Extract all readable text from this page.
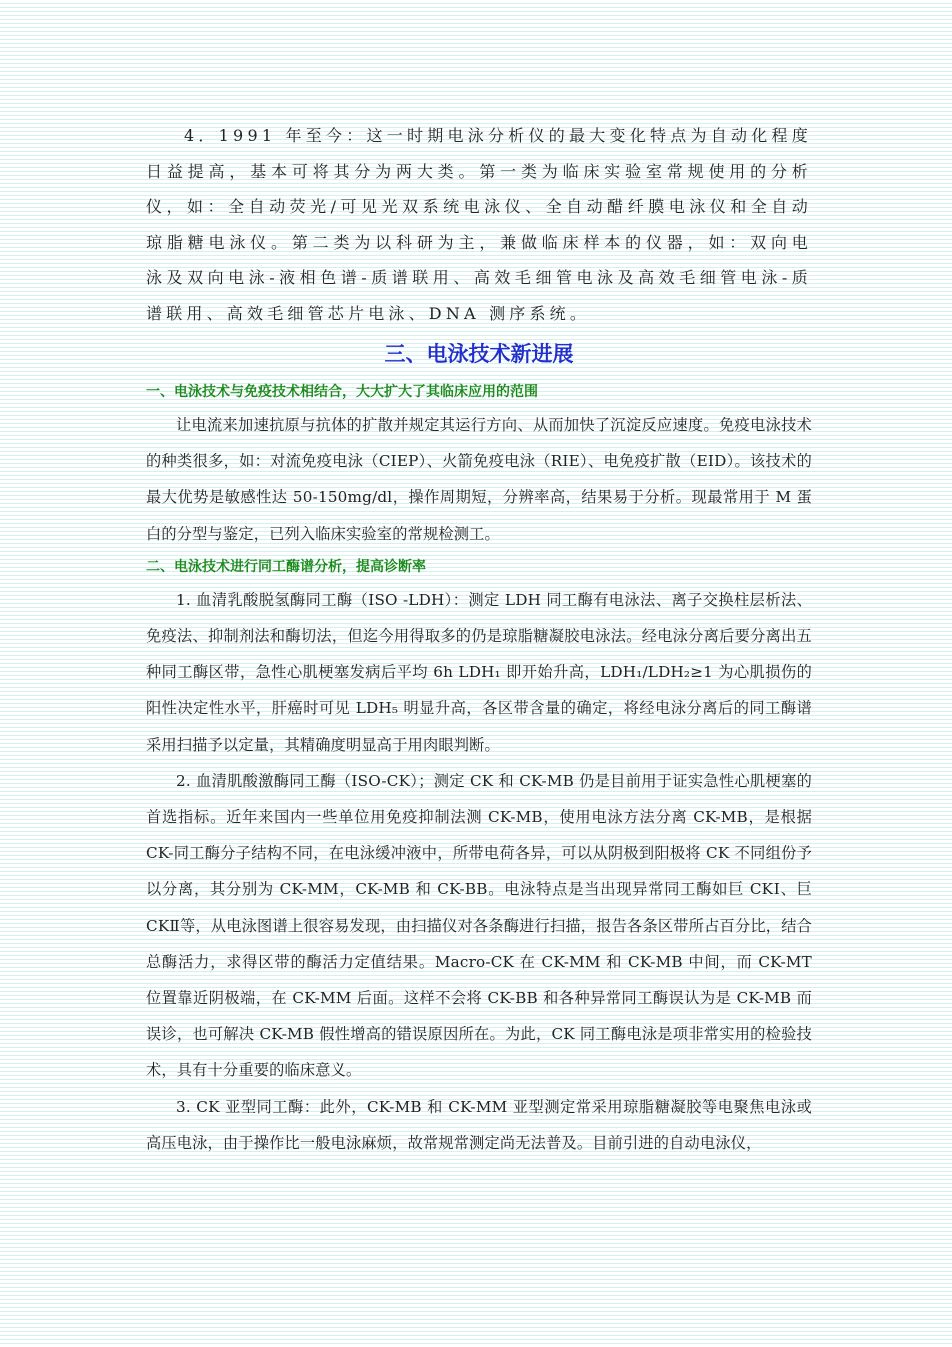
4．1991 年至今：这一时期电泳分析仪的最大变化特点为自动化程度日益提高，基本可将其分为两大类。第一类为临床实验室常规使用的分析仪，如：全自动荧光/可见光双系统电泳仪、全自动醋纤膜电泳仪和全自动琼脂糖电泳仪。第二类为以科研为主，兼做临床样本的仪器，如：双向电泳及双向电泳-液相色谱-质谱联用、高效毛细管电泳及高效毛细管电泳-质谱联用、高效毛细管芯片电泳、DNA 测序系统。

三、电泳技术新进展
一、电泳技术与免疫技术相结合，大大扩大了其临床应用的范围

让电流来加速抗原与抗体的扩散并规定其运行方向、从而加快了沉淀反应速度。免疫电泳技术的种类很多，如：对流免疫电泳（CIEP）、火箭免疫电泳（RIE）、电免疫扩散（EID）。该技术的最大优势是敏感性达 50-150mg/dl，操作周期短，分辨率高，结果易于分析。现最常用于 M 蛋白的分型与鉴定，已列入临床实验室的常规检测工。

二、电泳技术进行同工酶谱分析，提高诊断率

1. 血清乳酸脱氢酶同工酶（ISO -LDH）：测定 LDH 同工酶有电泳法、离子交换柱层析法、免疫法、抑制剂法和酶切法，但迄今用得取多的仍是琼脂糖凝胶电泳法。经电泳分离后要分离出五种同工酶区带，急性心肌梗塞发病后平均 6h LDH₁ 即开始升高，LDH₁/LDH₂≥1 为心肌损伤的阳性决定性水平，肝癌时可见 LDH₅ 明显升高，各区带含量的确定，将经电泳分离后的同工酶谱采用扫描予以定量，其精确度明显高于用肉眼判断。

2. 血清肌酸激酶同工酶（ISO-CK）；测定 CK 和 CK-MB 仍是目前用于证实急性心肌梗塞的首选指标。近年来国内一些单位用免疫抑制法测 CK-MB，使用电泳方法分离 CK-MB，是根据 CK-同工酶分子结构不同，在电泳缓冲液中，所带电荷各异，可以从阴极到阳极将 CK 不同组份予以分离，其分别为 CK-MM，CK-MB 和 CK-BB。电泳特点是当出现异常同工酶如巨 CKⅠ、巨 CKⅡ等，从电泳图谱上很容易发现，由扫描仪对各条酶进行扫描，报告各条区带所占百分比，结合总酶活力，求得区带的酶活力定值结果。Macro-CK 在 CK-MM 和 CK-MB 中间，而 CK-MT 位置靠近阴极端，在 CK-MM 后面。这样不会将 CK-BB 和各种异常同工酶误认为是 CK-MB 而误诊，也可解决 CK-MB 假性增高的错误原因所在。为此，CK 同工酶电泳是项非常实用的检验技术，具有十分重要的临床意义。

3. CK 亚型同工酶：此外，CK-MB 和 CK-MM 亚型测定常采用琼脂糖凝胶等电聚焦电泳或高压电泳，由于操作比一般电泳麻烦，故常规常测定尚无法普及。目前引进的自动电泳仪，
